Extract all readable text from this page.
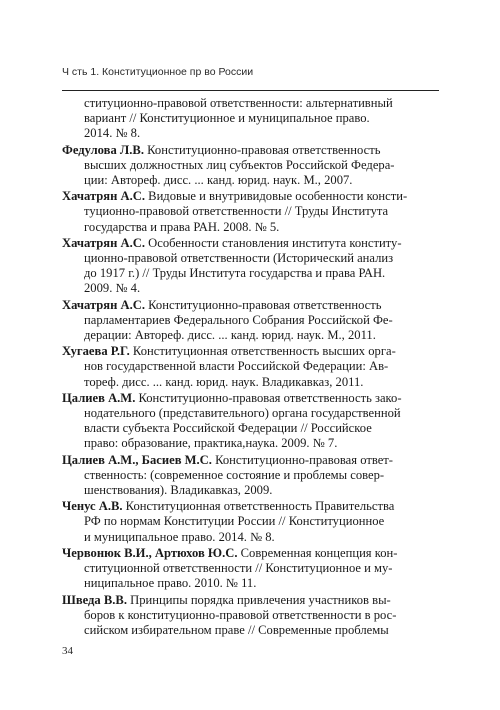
Ч сть 1. Конституционное пр во России
ституционно-правовой ответственности: альтернативный
вариант // Конституционное и муниципальное право.
2014. № 8.
Федулова Л.В. Конституционно-правовая ответственность
высших должностных лиц субъектов Российской Федера-
ции: Автореф. дисс. ... канд. юрид. наук. М., 2007.
Хачатрян А.С. Видовые и внутривидовые особенности консти-
туционно-правовой ответственности // Труды Института
государства и права РАН. 2008. № 5.
Хачатрян А.С. Особенности становления института конститу-
ционно-правовой ответственности (Исторический анализ
до 1917 г.) // Труды Института государства и права РАН.
2009. № 4.
Хачатрян А.С. Конституционно-правовая ответственность
парламентариев Федерального Собрания Российской Фе-
дерации: Автореф. дисс. ... канд. юрид. наук. М., 2011.
Хугаева Р.Г. Конституционная ответственность высших орга-
нов государственной власти Российской Федерации: Ав-
тореф. дисс. ... канд. юрид. наук. Владикавказ, 2011.
Цалиев А.М. Конституционно-правовая ответственность зако-
нодательного (представительного) органа государственной
власти субъекта Российской Федерации // Российское
право: образование, практика,наука. 2009. № 7.
Цалиев А.М., Басиев М.С. Конституционно-правовая ответ-
ственность: (современное состояние и проблемы совер-
шенствования). Владикавказ, 2009.
Ченус А.В. Конституционная ответственность Правительства
РФ по нормам Конституции России // Конституционное
и муниципальное право. 2014. № 8.
Червонюк В.И., Артюхов Ю.С. Современная концепция кон-
ституционной ответственности // Конституционное и му-
ниципальное право. 2010. № 11.
Шведа В.В. Принципы порядка привлечения участников вы-
боров к конституционно-правовой ответственности в рос-
сийском избирательном праве // Современные проблемы
34
